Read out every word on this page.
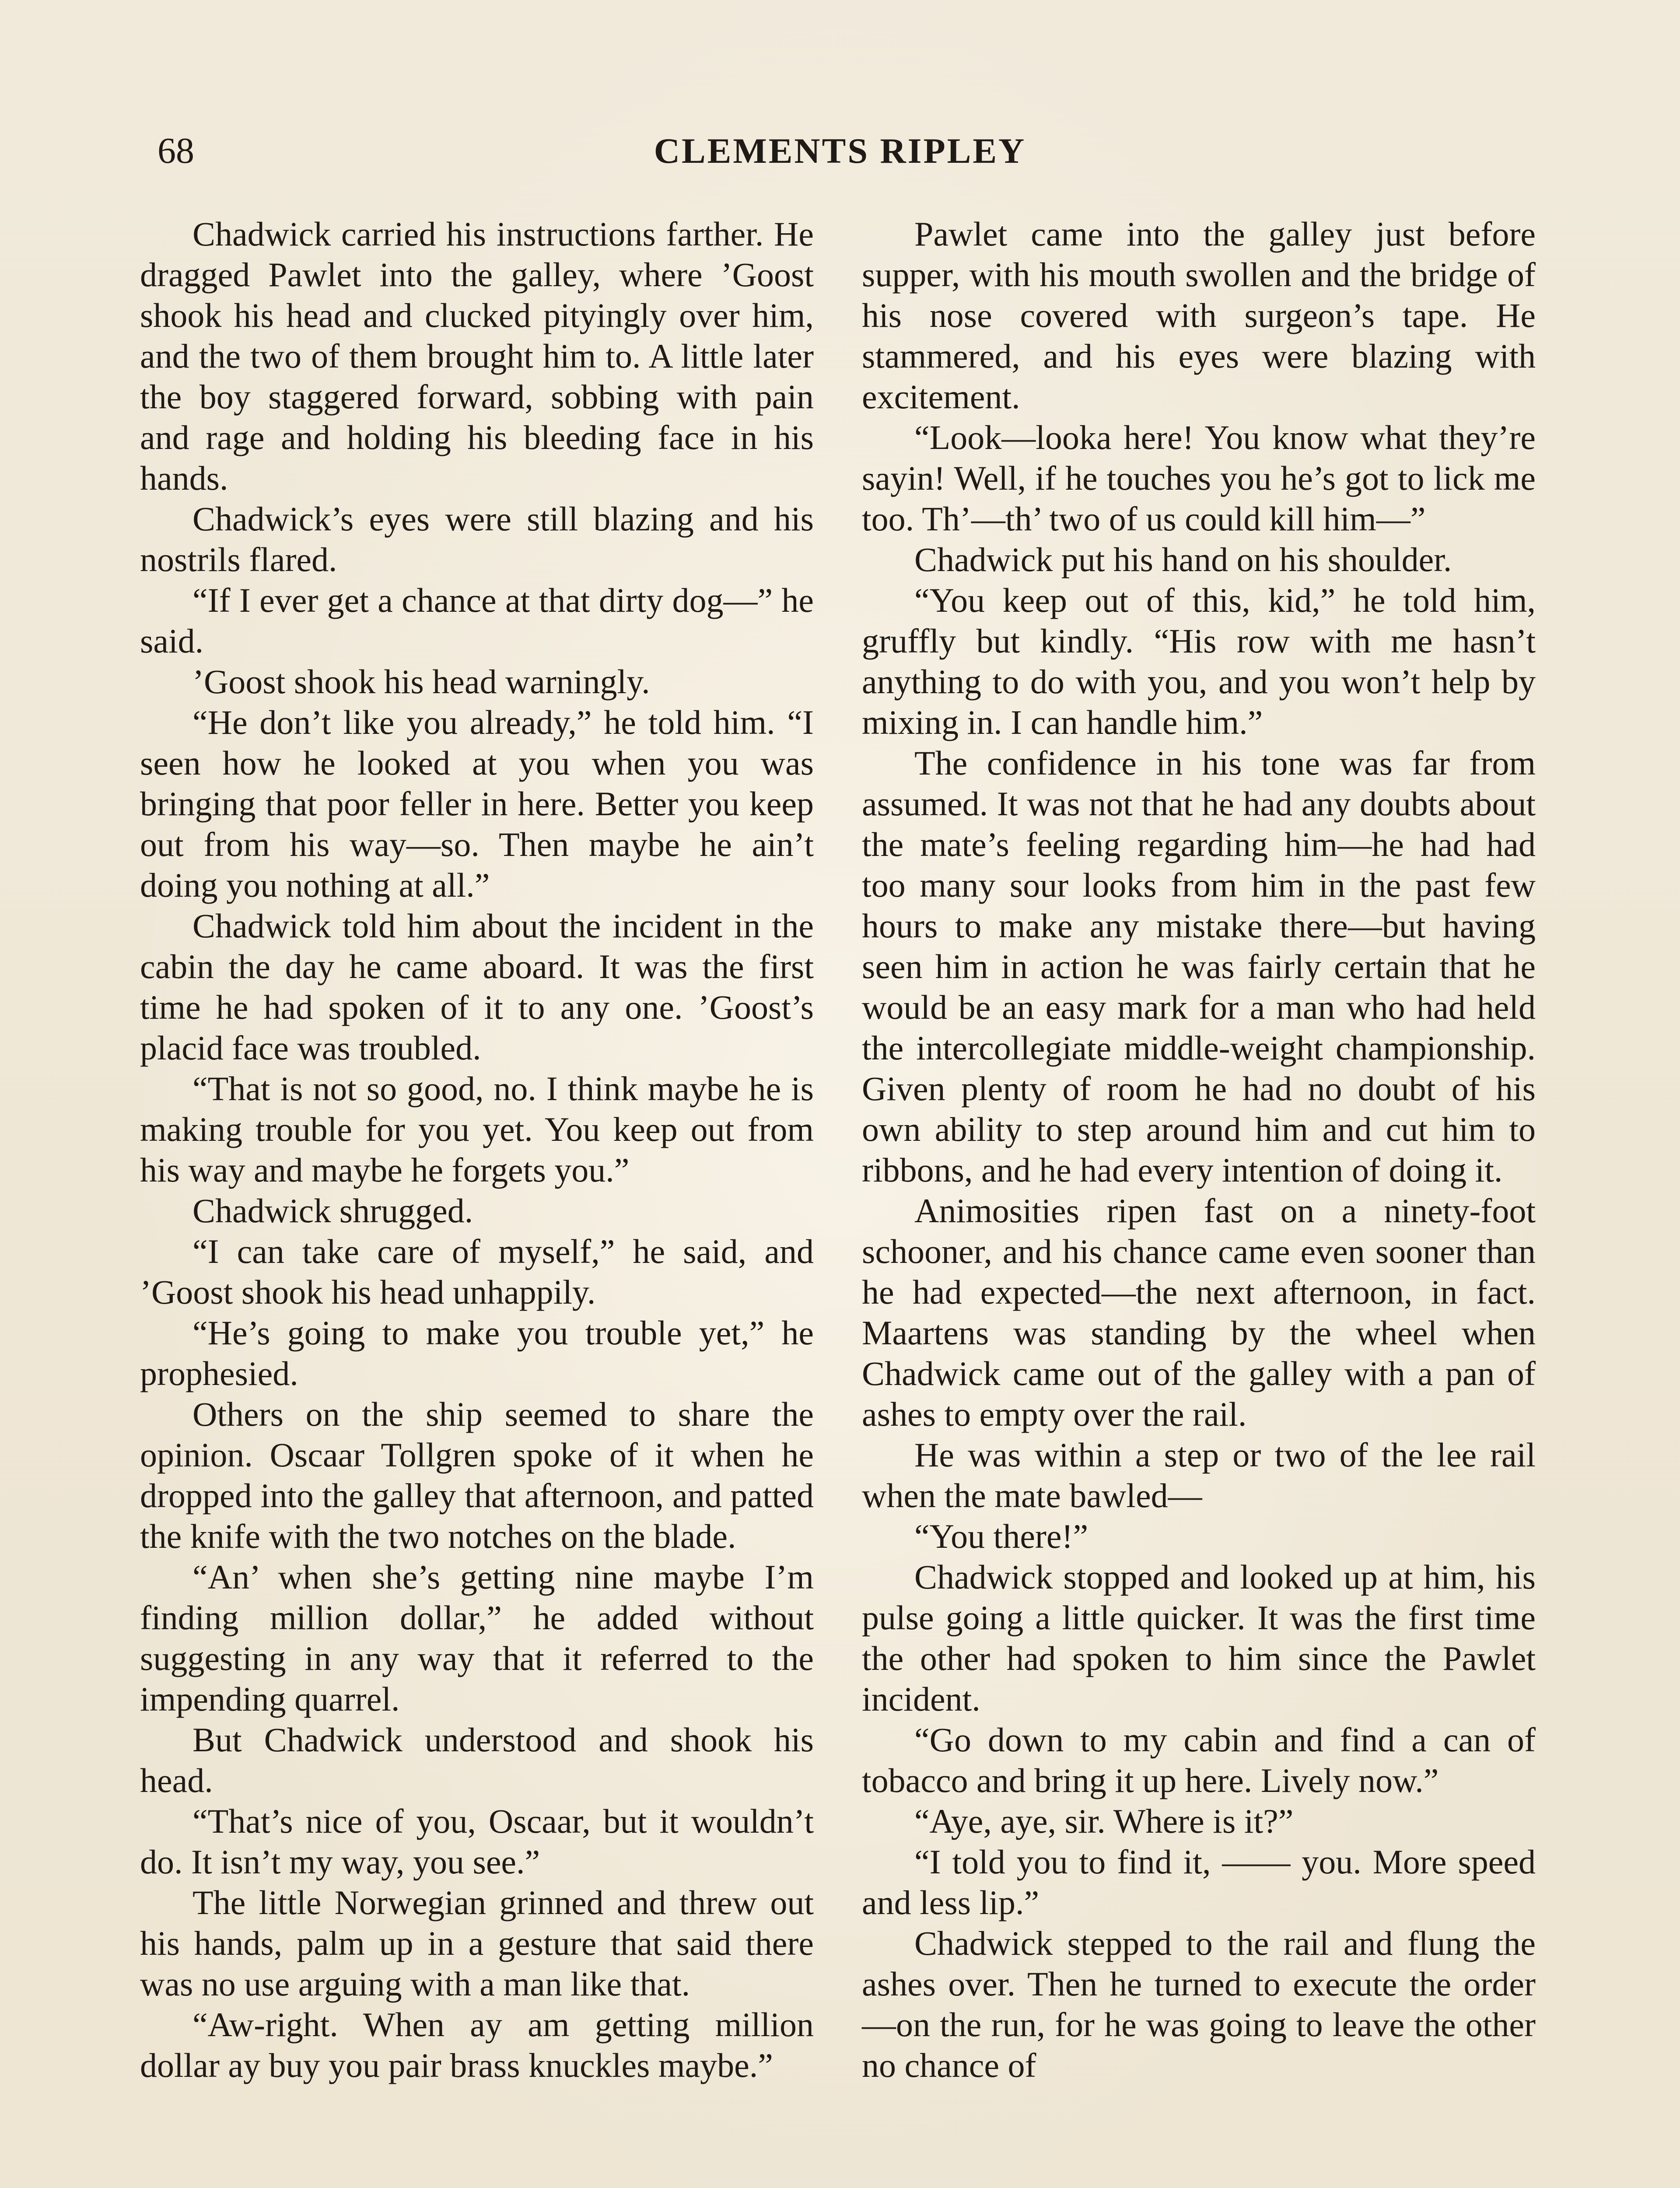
68	CLEMENTS RIPLEY

Chadwick carried his instructions farther. He dragged Pawlet into the galley, where ’Goost shook his head and clucked pityingly over him, and the two of them brought him to. A little later the boy staggered forward, sobbing with pain and rage and holding his bleeding face in his hands.

Chadwick’s eyes were still blazing and his nostrils flared.

“If I ever get a chance at that dirty dog—” he said.

’Goost shook his head warningly.

“He don’t like you already,” he told him. “I seen how he looked at you when you was bringing that poor feller in here. Better you keep out from his way—so. Then maybe he ain’t doing you nothing at all.”

Chadwick told him about the incident in the cabin the day he came aboard. It was the first time he had spoken of it to any one. ’Goost’s placid face was troubled.

“That is not so good, no. I think maybe he is making trouble for you yet. You keep out from his way and maybe he forgets you.”

Chadwick shrugged.

“I can take care of myself,” he said, and ’Goost shook his head unhappily.

“He’s going to make you trouble yet,” he prophesied.

Others on the ship seemed to share the opinion. Oscaar Tollgren spoke of it when he dropped into the galley that afternoon, and patted the knife with the two notches on the blade.

“An’ when she’s getting nine maybe I’m finding million dollar,” he added without suggesting in any way that it referred to the impending quarrel.

But Chadwick understood and shook his head.

“That’s nice of you, Oscaar, but it wouldn’t do. It isn’t my way, you see.”

The little Norwegian grinned and threw out his hands, palm up in a gesture that said there was no use arguing with a man like that.

“Aw-right. When ay am getting million dollar ay buy you pair brass knuckles maybe.”

Pawlet came into the galley just before supper, with his mouth swollen and the bridge of his nose covered with surgeon’s tape. He stammered, and his eyes were blazing with excitement.

“Look—looka here! You know what they’re sayin! Well, if he touches you he’s got to lick me too. Th’—th’ two of us could kill him—”

Chadwick put his hand on his shoulder.

“You keep out of this, kid,” he told him, gruffly but kindly. “His row with me hasn’t anything to do with you, and you won’t help by mixing in. I can handle him.”

The confidence in his tone was far from assumed. It was not that he had any doubts about the mate’s feeling regarding him—he had had too many sour looks from him in the past few hours to make any mistake there—but having seen him in action he was fairly certain that he would be an easy mark for a man who had held the intercollegiate middle-weight championship. Given plenty of room he had no doubt of his own ability to step around him and cut him to ribbons, and he had every intention of doing it.

Animosities ripen fast on a ninety-foot schooner, and his chance came even sooner than he had expected—the next afternoon, in fact. Maartens was standing by the wheel when Chadwick came out of the galley with a pan of ashes to empty over the rail.

He was within a step or two of the lee rail when the mate bawled—

“You there!”

Chadwick stopped and looked up at him, his pulse going a little quicker. It was the first time the other had spoken to him since the Pawlet incident.

“Go down to my cabin and find a can of tobacco and bring it up here. Lively now.”

“Aye, aye, sir. Where is it?”

“I told you to find it, —— you. More speed and less lip.”

Chadwick stepped to the rail and flung the ashes over. Then he turned to execute the order—on the run, for he was going to leave the other no chance of
